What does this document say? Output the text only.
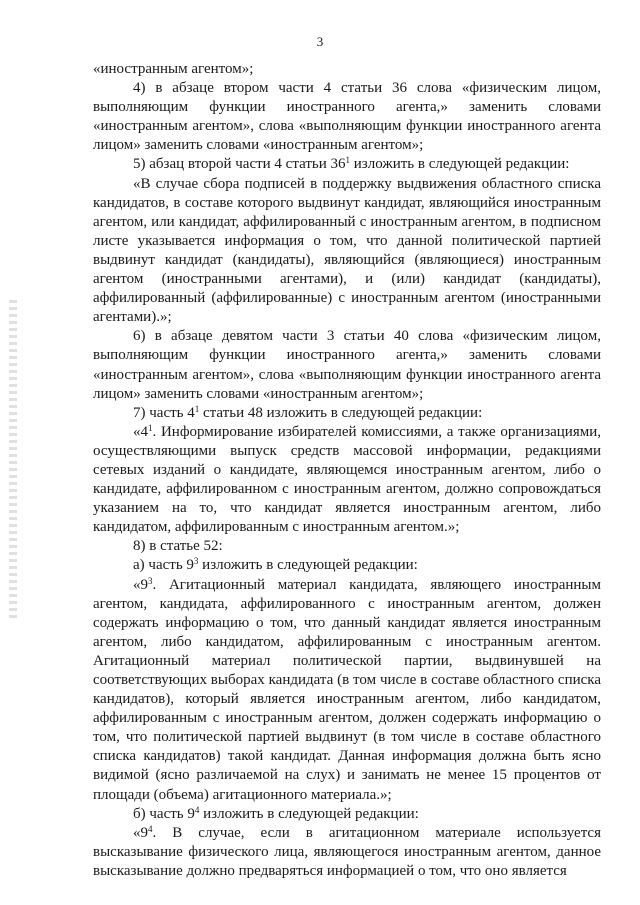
3

«иностранным агентом»;

4) в абзаце втором части 4 статьи 36 слова «физическим лицом, выполняющим функции иностранного агента,» заменить словами «иностранным агентом», слова «выполняющим функции иностранного агента лицом» заменить словами «иностранным агентом»;

5) абзац второй части 4 статьи $36^1$ изложить в следующей редакции:

«В случае сбора подписей в поддержку выдвижения областного списка кандидатов, в составе которого выдвинут кандидат, являющийся иностранным агентом, или кандидат, аффилированный с иностранным агентом, в подписном листе указывается информация о том, что данной политической партией выдвинут кандидат (кандидаты), являющийся (являющиеся) иностранным агентом (иностранными агентами), и (или) кандидат (кандидаты), аффилированный (аффилированные) с иностранным агентом (иностранными агентами).»;

6) в абзаце девятом части 3 статьи 40 слова «физическим лицом, выполняющим функции иностранного агента,» заменить словами «иностранным агентом», слова «выполняющим функции иностранного агента лицом» заменить словами «иностранным агентом»;

7) часть $4^1$ статьи 48 изложить в следующей редакции:

«$4^1$. Информирование избирателей комиссиями, а также организациями, осуществляющими выпуск средств массовой информации, редакциями сетевых изданий о кандидате, являющемся иностранным агентом, либо о кандидате, аффилированном с иностранным агентом, должно сопровождаться указанием на то, что кандидат является иностранным агентом, либо кандидатом, аффилированным с иностранным агентом.»;

8) в статье 52:

а) часть $9^3$ изложить в следующей редакции:

«$9^3$. Агитационный материал кандидата, являющего иностранным агентом, кандидата, аффилированного с иностранным агентом, должен содержать информацию о том, что данный кандидат является иностранным агентом, либо кандидатом, аффилированным с иностранным агентом. Агитационный материал политической партии, выдвинувшей на соответствующих выборах кандидата (в том числе в составе областного списка кандидатов), который является иностранным агентом, либо кандидатом, аффилированным с иностранным агентом, должен содержать информацию о том, что политической партией выдвинут (в том числе в составе областного списка кандидатов) такой кандидат. Данная информация должна быть ясно видимой (ясно различаемой на слух) и занимать не менее 15 процентов от площади (объема) агитационного материала.»;

б) часть $9^4$ изложить в следующей редакции:

«$9^4$. В случае, если в агитационном материале используется высказывание физического лица, являющегося иностранным агентом, данное высказывание должно предваряться информацией о том, что оно является
